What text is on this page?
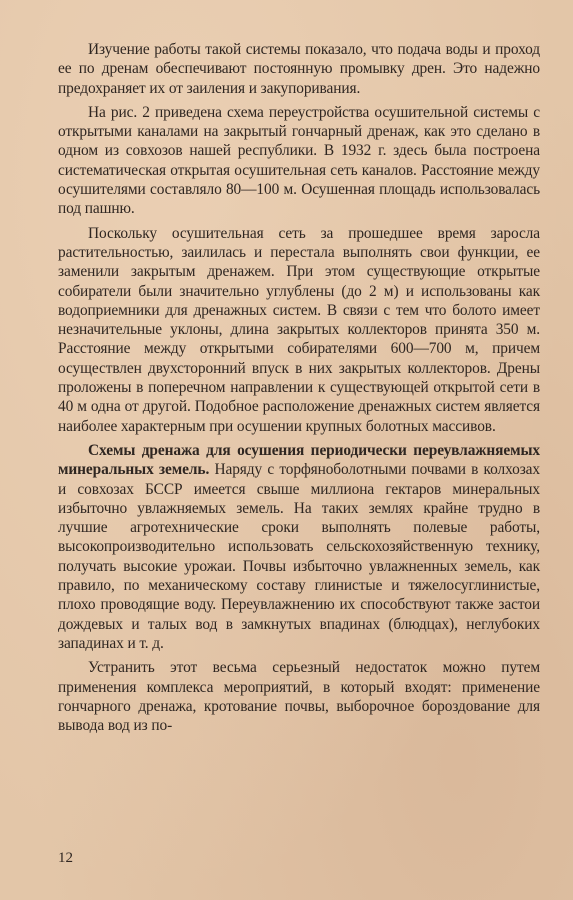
Изучение работы такой системы показало, что подача воды и проход ее по дренам обеспечивают постоянную промывку дрен. Это надежно предохраняет их от заиления и закупоривания.

На рис. 2 приведена схема переустройства осушительной системы с открытыми каналами на закрытый гончарный дренаж, как это сделано в одном из совхозов нашей республики. В 1932 г. здесь была построена систематическая открытая осушительная сеть каналов. Расстояние между осушителями составляло 80—100 м. Осушенная площадь использовалась под пашню.

Поскольку осушительная сеть за прошедшее время заросла растительностью, заилилась и перестала выполнять свои функции, ее заменили закрытым дренажем. При этом существующие открытые собиратели были значительно углублены (до 2 м) и использованы как водоприемники для дренажных систем. В связи с тем что болото имеет незначительные уклоны, длина закрытых коллекторов принята 350 м. Расстояние между открытыми собирателями 600—700 м, причем осуществлен двухсторонний впуск в них закрытых коллекторов. Дрены проложены в поперечном направлении к существующей открытой сети в 40 м одна от другой. Подобное расположение дренажных систем является наиболее характерным при осушении крупных болотных массивов.

Схемы дренажа для осушения периодически переувлажняемых минеральных земель. Наряду с торфяноболотными почвами в колхозах и совхозах БССР имеется свыше миллиона гектаров минеральных избыточно увлажняемых земель. На таких землях крайне трудно в лучшие агротехнические сроки выполнять полевые работы, высокопроизводительно использовать сельскохозяйственную технику, получать высокие урожаи. Почвы избыточно увлажненных земель, как правило, по механическому составу глинистые и тяжелосуглинистые, плохо проводящие воду. Переувлажнению их способствуют также застои дождевых и талых вод в замкнутых впадинах (блюдцах), неглубоких западинах и т. д.

Устранить этот весьма серьезный недостаток можно путем применения комплекса мероприятий, в который входят: применение гончарного дренажа, кротование почвы, выборочное бороздование для вывода вод из по-

12
